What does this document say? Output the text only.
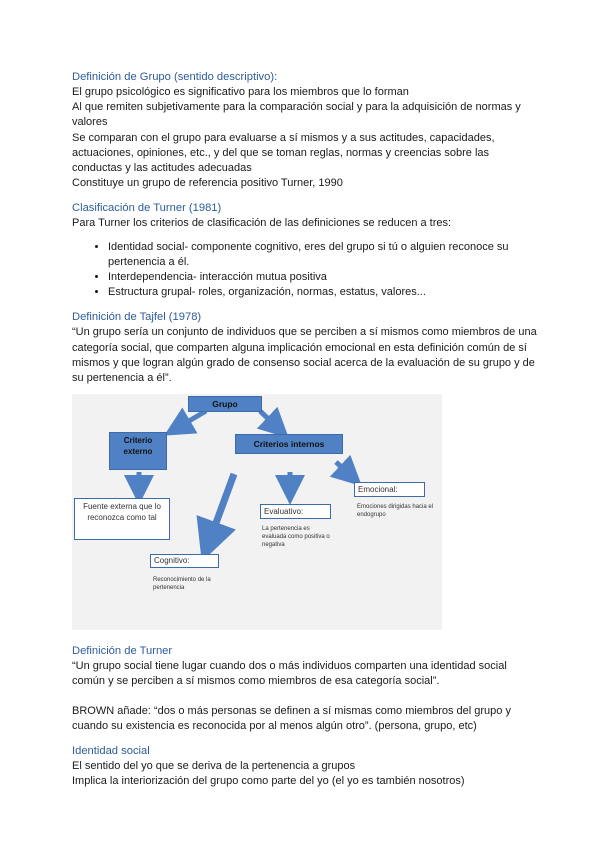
Definición de Grupo (sentido descriptivo):

El grupo psicológico es significativo para los miembros que lo forman

Al que remiten subjetivamente para la comparación social y para la adquisición de normas y valores

Se comparan con el grupo para evaluarse a sí mismos y a sus actitudes, capacidades, actuaciones, opiniones, etc., y del que se toman reglas, normas y creencias sobre las conductas y las actitudes adecuadas

Constituye un grupo de referencia positivo Turner, 1990

Clasificación de Turner (1981)

Para Turner los criterios de clasificación de las definiciones se reducen a tres:

• Identidad social- componente cognitivo, eres del grupo si tú o alguien reconoce su pertenencia a él.
• Interdependencia- interacción mutua positiva
• Estructura grupal- roles, organización, normas, estatus, valores...

Definición de Tajfel (1978)

“Un grupo sería un conjunto de individuos que se perciben a sí mismos como miembros de una categoría social, que comparten alguna implicación emocional en esta definición común de sí mismos y que logran algún grado de consenso social acerca de la evaluación de su grupo y de su pertenencia a él”.

Grupo
Criterio externo
Criterios internos
Fuente externa que lo reconozca como tal
Evaluativo:
La pertenencia es evaluada como positiva o negativa
Emocional:
Emociones dirigidas hacia el endogrupo
Cognitivo:
Reconocimiento de la pertenencia

Definición de Turner

“Un grupo social tiene lugar cuando dos o más individuos comparten una identidad social común y se perciben a sí mismos como miembros de esa categoría social”.

BROWN añade: “dos o más personas se definen a sí mismas como miembros del grupo y cuando su existencia es reconocida por al menos algún otro”. (persona, grupo, etc)

Identidad social

El sentido del yo que se deriva de la pertenencia a grupos

Implica la interiorización del grupo como parte del yo (el yo es también nosotros)
